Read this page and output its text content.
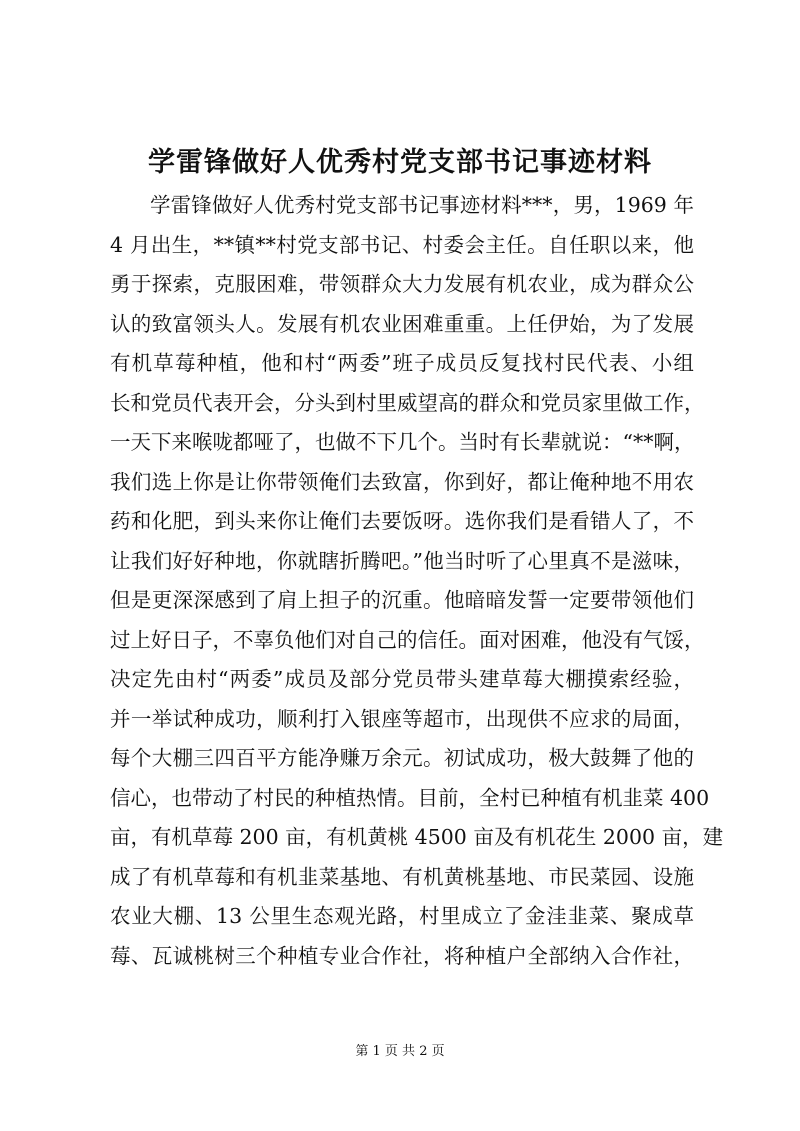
学雷锋做好人优秀村党支部书记事迹材料
学雷锋做好人优秀村党支部书记事迹材料***，男，1969 年
4 月出生，**镇**村党支部书记、村委会主任。自任职以来，他
勇于探索，克服困难，带领群众大力发展有机农业，成为群众公
认的致富领头人。发展有机农业困难重重。上任伊始，为了发展
有机草莓种植，他和村“两委”班子成员反复找村民代表、小组
长和党员代表开会，分头到村里威望高的群众和党员家里做工作，
一天下来喉咙都哑了，也做不下几个。当时有长辈就说：“**啊，
我们选上你是让你带领俺们去致富，你到好，都让俺种地不用农
药和化肥，到头来你让俺们去要饭呀。选你我们是看错人了，不
让我们好好种地，你就瞎折腾吧。”他当时听了心里真不是滋味，
但是更深深感到了肩上担子的沉重。他暗暗发誓一定要带领他们
过上好日子，不辜负他们对自己的信任。面对困难，他没有气馁，
决定先由村“两委”成员及部分党员带头建草莓大棚摸索经验，
并一举试种成功，顺利打入银座等超市，出现供不应求的局面，
每个大棚三四百平方能净赚万余元。初试成功，极大鼓舞了他的
信心，也带动了村民的种植热情。目前，全村已种植有机韭菜 400
亩，有机草莓 200 亩，有机黄桃 4500 亩及有机花生 2000 亩，建
成了有机草莓和有机韭菜基地、有机黄桃基地、市民菜园、设施
农业大棚、13 公里生态观光路，村里成立了金洼韭菜、聚成草
莓、瓦诚桃树三个种植专业合作社，将种植户全部纳入合作社，
第 1 页 共 2 页
